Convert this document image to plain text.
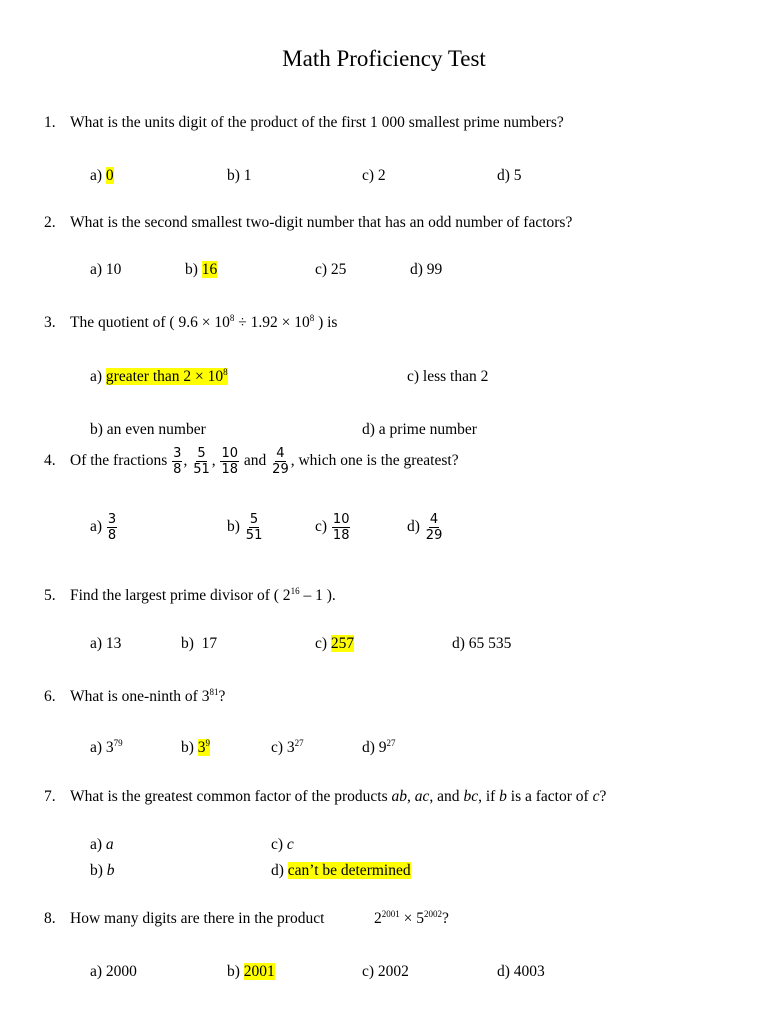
Math Proficiency Test
1. What is the units digit of the product of the first 1 000 smallest prime numbers?
a) 0	b) 1	c) 2	d) 5
2. What is the second smallest two-digit number that has an odd number of factors?
a) 10	b) 16	c) 25	d) 99
3. The quotient of ( $9.6 \times 10^8 \div 1.92 \times 10^8$ ) is
a) greater than $2 \times 10^8$	c) less than 2
b) an even number	d) a prime number
4. Of the fractions $\frac{3}{8}$ , $\frac{5}{51}$ , $\frac{10}{18}$ and $\frac{4}{29}$ , which one is the greatest?
$a) \frac{3}{8}$	$b) \frac{5}{51}$	$c) \frac{10}{18}$	$d) \frac{4}{29}$
5. Find the largest prime divisor of ( $2^{16} - 1$ ).
a) 13	b) 17	c) 257	d) 65 535
6. What is one-ninth of $3^{81}$?
a) $3^{79}$	b) $3^9$	c) $3^{27}$	d) $9^{27}$
7. What is the greatest common factor of the products ab, ac, and bc, if b is a factor of c?
a) a	c) c
b) b	d) can’t be determined
8. How many digits are there in the product	$2^{2001} \times 5^{2002}$?
a) 2000	b) 2001	c) 2002	d) 4003
